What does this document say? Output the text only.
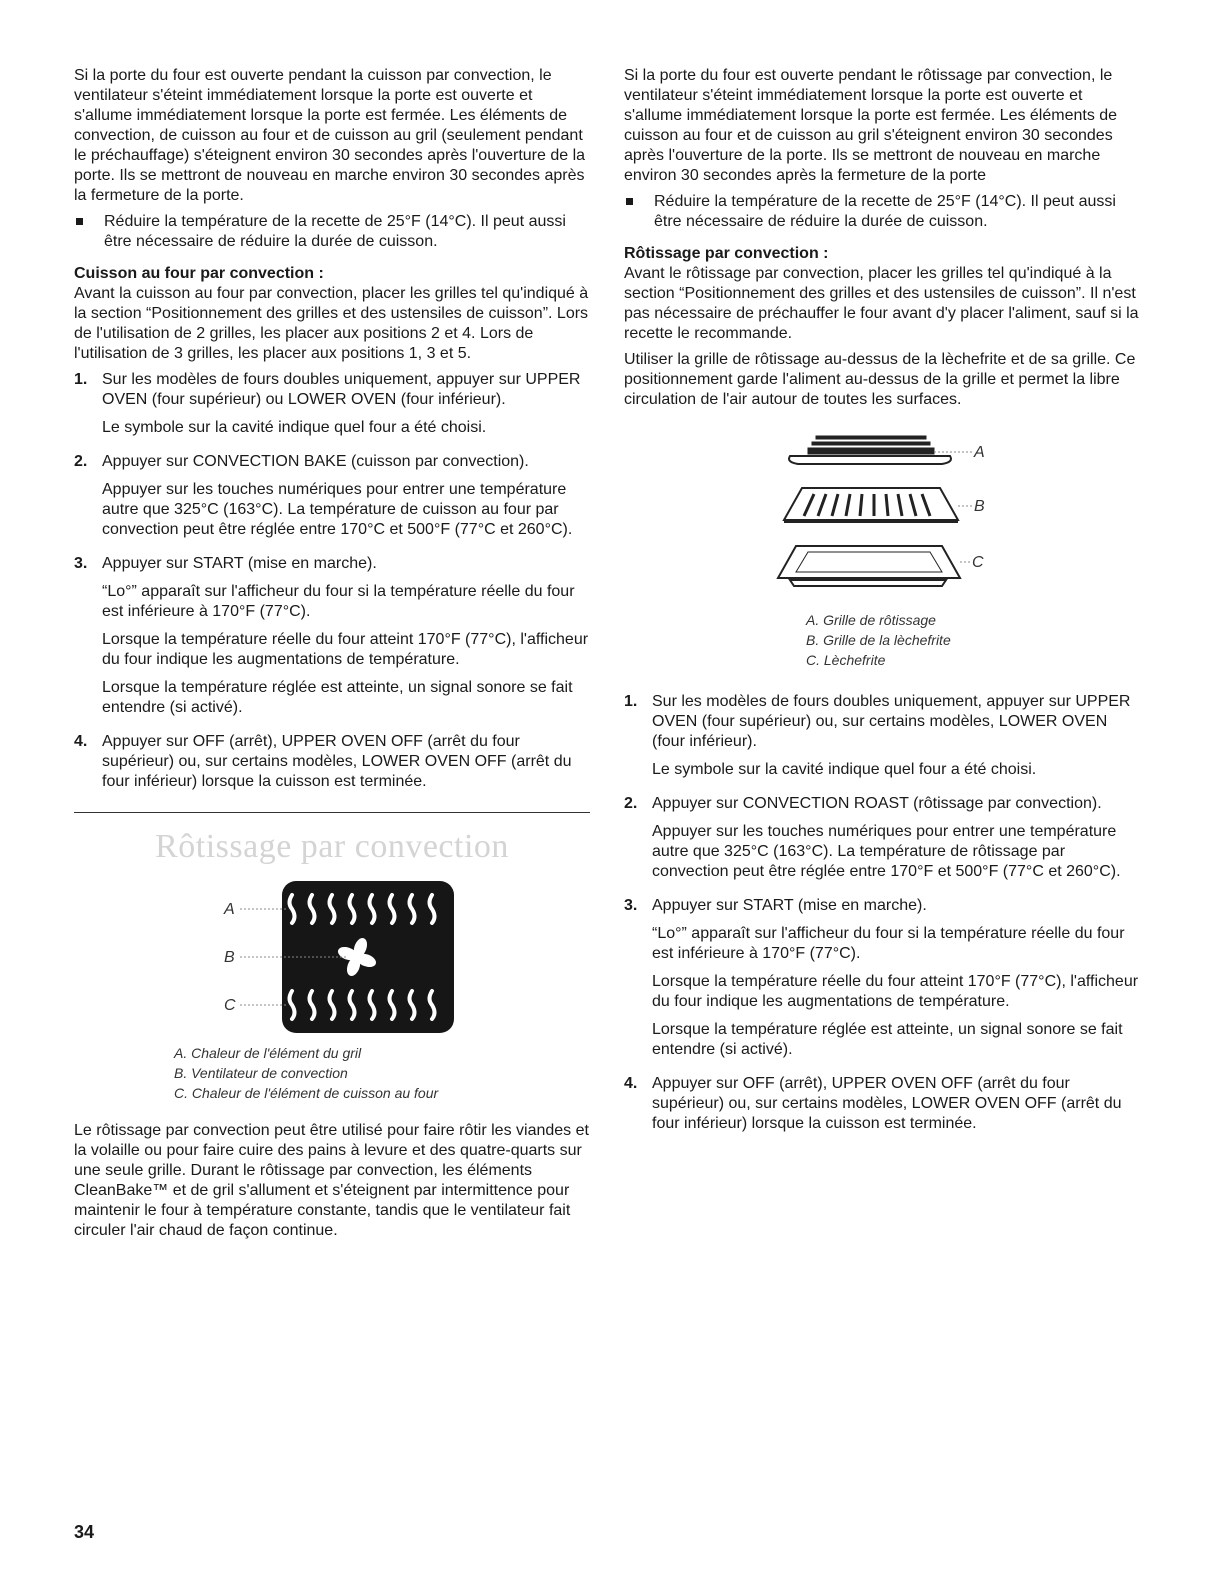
Si la porte du four est ouverte pendant la cuisson par convection, le ventilateur s'éteint immédiatement lorsque la porte est ouverte et s'allume immédiatement lorsque la porte est fermée. Les éléments de convection, de cuisson au four et de cuisson au gril (seulement pendant le préchauffage) s'éteignent environ 30 secondes après l'ouverture de la porte. Ils se mettront de nouveau en marche environ 30 secondes après la fermeture de la porte.

Réduire la température de la recette de 25°F (14°C). Il peut aussi être nécessaire de réduire la durée de cuisson.
Cuisson au four par convection :

Avant la cuisson au four par convection, placer les grilles tel qu'indiqué à la section “Positionnement des grilles et des ustensiles de cuisson”. Lors de l'utilisation de 2 grilles, les placer aux positions 2 et 4. Lors de l'utilisation de 3 grilles, les placer aux positions 1, 3 et 5.

1. Sur les modèles de fours doubles uniquement, appuyer sur UPPER OVEN (four supérieur) ou LOWER OVEN (four inférieur).

Le symbole sur la cavité indique quel four a été choisi.

2. Appuyer sur CONVECTION BAKE (cuisson par convection).

Appuyer sur les touches numériques pour entrer une température autre que 325°C (163°C). La température de cuisson au four par convection peut être réglée entre 170°C et 500°F (77°C et 260°C).

3. Appuyer sur START (mise en marche).

“Lo°” apparaît sur l'afficheur du four si la température réelle du four est inférieure à 170°F (77°C).

Lorsque la température réelle du four atteint 170°F (77°C), l'afficheur du four indique les augmentations de température.

Lorsque la température réglée est atteinte, un signal sonore se fait entendre (si activé).

4. Appuyer sur OFF (arrêt), UPPER OVEN OFF (arrêt du four supérieur) ou, sur certains modèles, LOWER OVEN OFF (arrêt du four inférieur) lorsque la cuisson est terminée.

Rôtissage par convection
A
B
C
A. Chaleur de l'élément du gril
B. Ventilateur de convection
C. Chaleur de l'élément de cuisson au four

Le rôtissage par convection peut être utilisé pour faire rôtir les viandes et la volaille ou pour faire cuire des pains à levure et des quatre-quarts sur une seule grille. Durant le rôtissage par convection, les éléments CleanBake™ et de gril s'allument et s'éteignent par intermittence pour maintenir le four à température constante, tandis que le ventilateur fait circuler l'air chaud de façon continue.

Si la porte du four est ouverte pendant le rôtissage par convection, le ventilateur s'éteint immédiatement lorsque la porte est ouverte et s'allume immédiatement lorsque la porte est fermée. Les éléments de cuisson au four et de cuisson au gril s'éteignent environ 30 secondes après l'ouverture de la porte. Ils se mettront de nouveau en marche environ 30 secondes après la fermeture de la porte

Réduire la température de la recette de 25°F (14°C). Il peut aussi être nécessaire de réduire la durée de cuisson.
Rôtissage par convection :

Avant le rôtissage par convection, placer les grilles tel qu'indiqué à la section “Positionnement des grilles et des ustensiles de cuisson”. Il n'est pas nécessaire de préchauffer le four avant d'y placer l'aliment, sauf si la recette le recommande.

Utiliser la grille de rôtissage au-dessus de la lèchefrite et de sa grille. Ce positionnement garde l'aliment au-dessus de la grille et permet la libre circulation de l'air autour de toutes les surfaces.

A
B
C
A. Grille de rôtissage
B. Grille de la lèchefrite
C. Lèchefrite
1. Sur les modèles de fours doubles uniquement, appuyer sur UPPER OVEN (four supérieur) ou, sur certains modèles, LOWER OVEN (four inférieur).

Le symbole sur la cavité indique quel four a été choisi.

2. Appuyer sur CONVECTION ROAST (rôtissage par convection).

Appuyer sur les touches numériques pour entrer une température autre que 325°C (163°C). La température de rôtissage par convection peut être réglée entre 170°F et 500°F (77°C et 260°C).

3. Appuyer sur START (mise en marche).

“Lo°” apparaît sur l'afficheur du four si la température réelle du four est inférieure à 170°F (77°C).

Lorsque la température réelle du four atteint 170°F (77°C), l'afficheur du four indique les augmentations de température.

Lorsque la température réglée est atteinte, un signal sonore se fait entendre (si activé).

4. Appuyer sur OFF (arrêt), UPPER OVEN OFF (arrêt du four supérieur) ou, sur certains modèles, LOWER OVEN OFF (arrêt du four inférieur) lorsque la cuisson est terminée.

34
